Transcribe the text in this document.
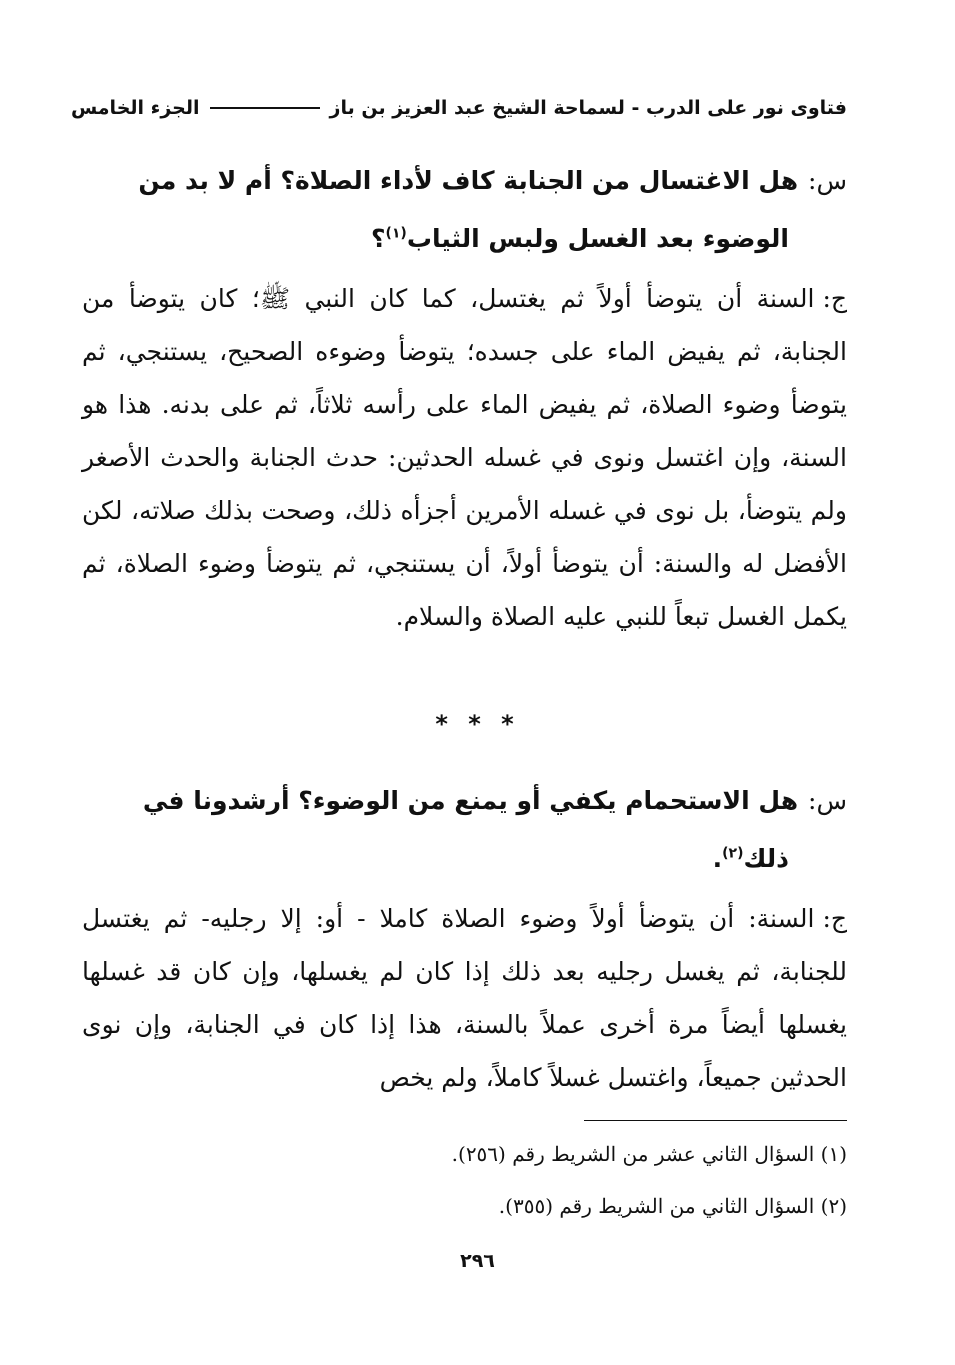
فتاوى نور على الدرب - لسماحة الشيخ عبد العزيز بن باز
الجزء الخامس
س:هل الاغتسال من الجنابة كاف لأداء الصلاة؟ أم لا بد من
الوضوء بعد الغسل ولبس الثياب$^{(١)}$؟
ج:السنة أن يتوضأ أولاً ثم يغتسل، كما كان النبي ﷺ؛ كان يتوضأ من الجنابة، ثم يفيض الماء على جسده؛ يتوضأ وضوءه الصحيح، يستنجي، ثم يتوضأ وضوء الصلاة، ثم يفيض الماء على رأسه ثلاثاً، ثم على بدنه. هذا هو السنة، وإن اغتسل ونوى في غسله الحدثين: حدث الجنابة والحدث الأصغر ولم يتوضأ، بل نوى في غسله الأمرين أجزأه ذلك، وصحت بذلك صلاته، لكن الأفضل له والسنة: أن يتوضأ أولاً، أن يستنجي، ثم يتوضأ وضوء الصلاة، ثم يكمل الغسل تبعاً للنبي عليه الصلاة والسلام.
* * *
س:هل الاستحمام يكفي أو يمنع من الوضوء؟ أرشدونا في
ذلك$^{(٢)}$.
ج:السنة: أن يتوضأ أولاً وضوء الصلاة كاملا - أو: إلا رجليه- ثم يغتسل للجنابة، ثم يغسل رجليه بعد ذلك إذا كان لم يغسلها، وإن كان قد غسلها يغسلها أيضاً مرة أخرى عملاً بالسنة، هذا إذا كان في الجنابة، وإن نوى الحدثين جميعاً، واغتسل غسلاً كاملاً، ولم يخص
(١) السؤال الثاني عشر من الشريط رقم (٢٥٦).
(٢) السؤال الثاني من الشريط رقم (٣٥٥).
٢٩٦
